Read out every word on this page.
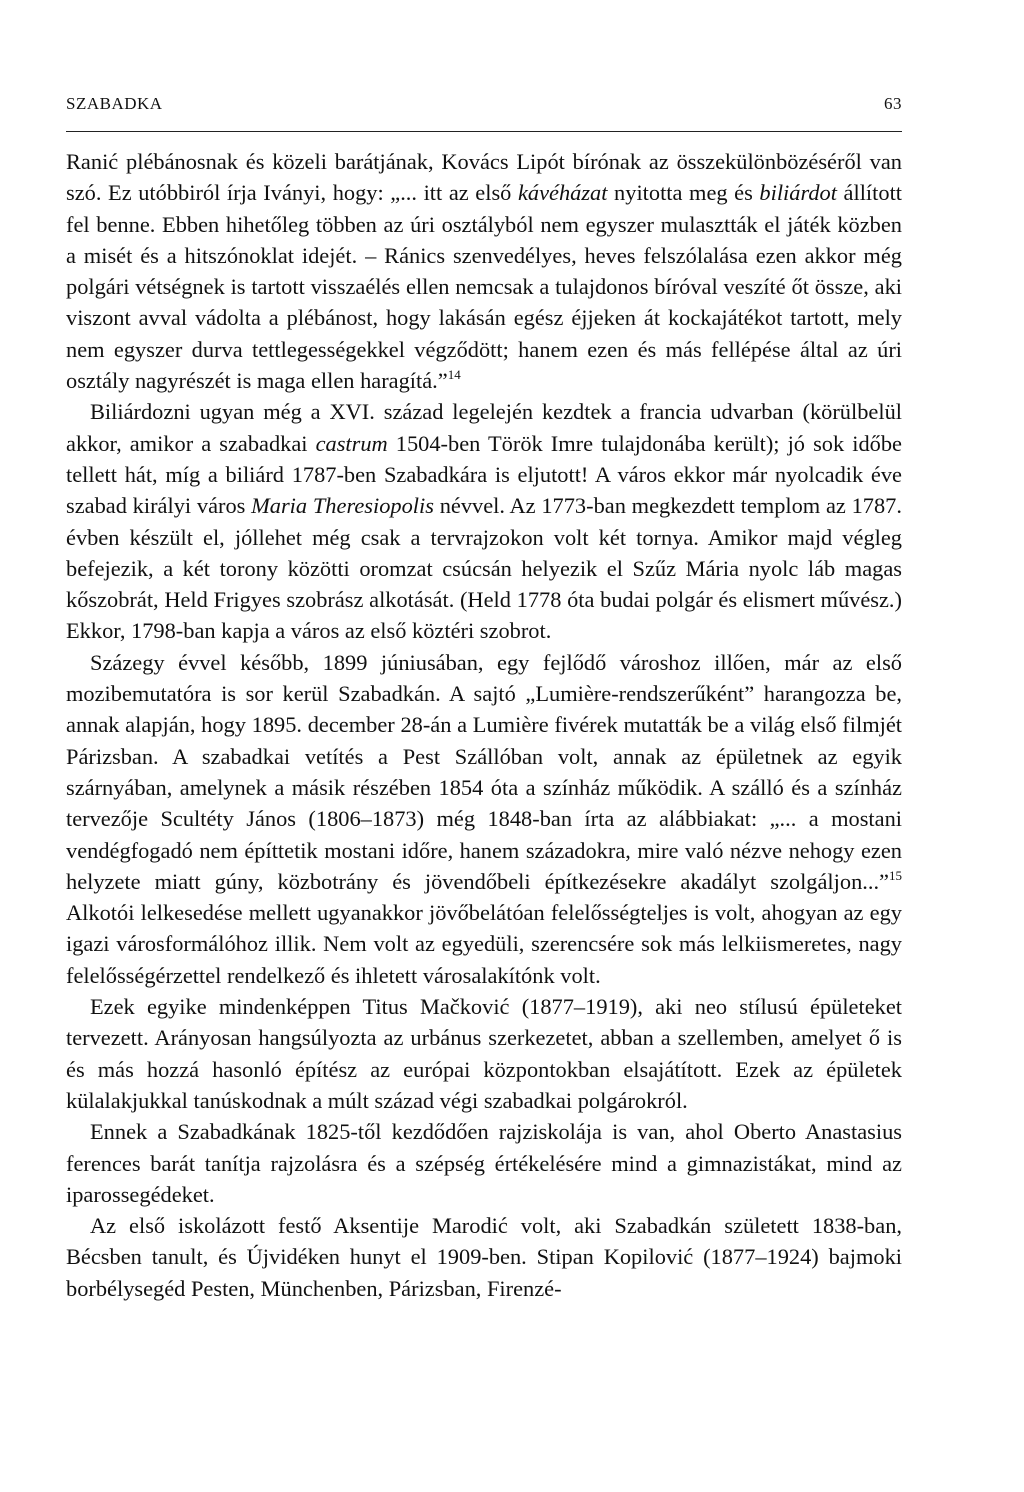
SZABADKA	63

Ranić plébánosnak és közeli barátjának, Kovács Lipót bírónak az összekülönbözéséről van szó. Ez utóbbiról írja Iványi, hogy: „... itt az első kávéházat nyitotta meg és biliárdot állított fel benne. Ebben hihetőleg többen az úri osztályból nem egyszer mulasztták el játék közben a misét és a hitszónoklat idejét. – Ránics szenvedélyes, heves felszólalása ezen akkor még polgári vétségnek is tartott visszaélés ellen nemcsak a tulajdonos bíróval veszíté őt össze, aki viszont avval vádolta a plébánost, hogy lakásán egész éjjeken át kockajátékot tartott, mely nem egyszer durva tettlegességekkel végződött; hanem ezen és más fellépése által az úri osztály nagyrészét is maga ellen haragítá.”$^{14}$

Biliárdozni ugyan még a XVI. század legelején kezdtek a francia udvarban (körülbelül akkor, amikor a szabadkai castrum 1504-ben Török Imre tulajdonába került); jó sok időbe tellett hát, míg a biliárd 1787-ben Szabadkára is eljutott! A város ekkor már nyolcadik éve szabad királyi város Maria Theresiopolis névvel. Az 1773-ban megkezdett templom az 1787. évben készült el, jóllehet még csak a tervrajzokon volt két tornya. Amikor majd végleg befejezik, a két torony közötti oromzat csúcsán helyezik el Szűz Mária nyolc láb magas kőszobrát, Held Frigyes szobrász alkotását. (Held 1778 óta budai polgár és elismert művész.) Ekkor, 1798-ban kapja a város az első köztéri szobrot.

Százegy évvel később, 1899 júniusában, egy fejlődő városhoz illően, már az első mozibemutatóra is sor kerül Szabadkán. A sajtó „Lumière-rendszerűként” harangozza be, annak alapján, hogy 1895. december 28-án a Lumière fivérek mutatták be a világ első filmjét Párizsban. A szabadkai vetítés a Pest Szállóban volt, annak az épületnek az egyik szárnyában, amelynek a másik részében 1854 óta a színház működik. A szálló és a színház tervezője Scultéty János (1806–1873) még 1848-ban írta az alábbiakat: „... a mostani vendégfogadó nem építtetik mostani időre, hanem századokra, mire való nézve nehogy ezen helyzete miatt gúny, közbotrány és jövendőbeli építkezésekre akadályt szolgáljon...”$^{15}$ Alkotói lelkesedése mellett ugyanakkor jövőbelátóan felelősségteljes is volt, ahogyan az egy igazi városformálóhoz illik. Nem volt az egyedüli, szerencsére sok más lelkiismeretes, nagy felelősségérzettel rendelkező és ihletett városalakítónk volt.

Ezek egyike mindenképpen Titus Mačković (1877–1919), aki neo stílusú épületeket tervezett. Arányosan hangsúlyozta az urbánus szerkezetet, abban a szellemben, amelyet ő is és más hozzá hasonló építész az európai központokban elsajátított. Ezek az épületek külalakjukkal tanúskodnak a múlt század végi szabadkai polgárokról.

Ennek a Szabadkának 1825-től kezdődően rajziskolája is van, ahol Oberto Anastasius ferences barát tanítja rajzolásra és a szépség értékelésére mind a gimnazistákat, mind az iparossegédeket.

Az első iskolázott festő Aksentije Marodić volt, aki Szabadkán született 1838-ban, Bécsben tanult, és Újvidéken hunyt el 1909-ben. Stipan Kopilović (1877–1924) bajmoki borbélysegéd Pesten, Münchenben, Párizsban, Firenzé-
